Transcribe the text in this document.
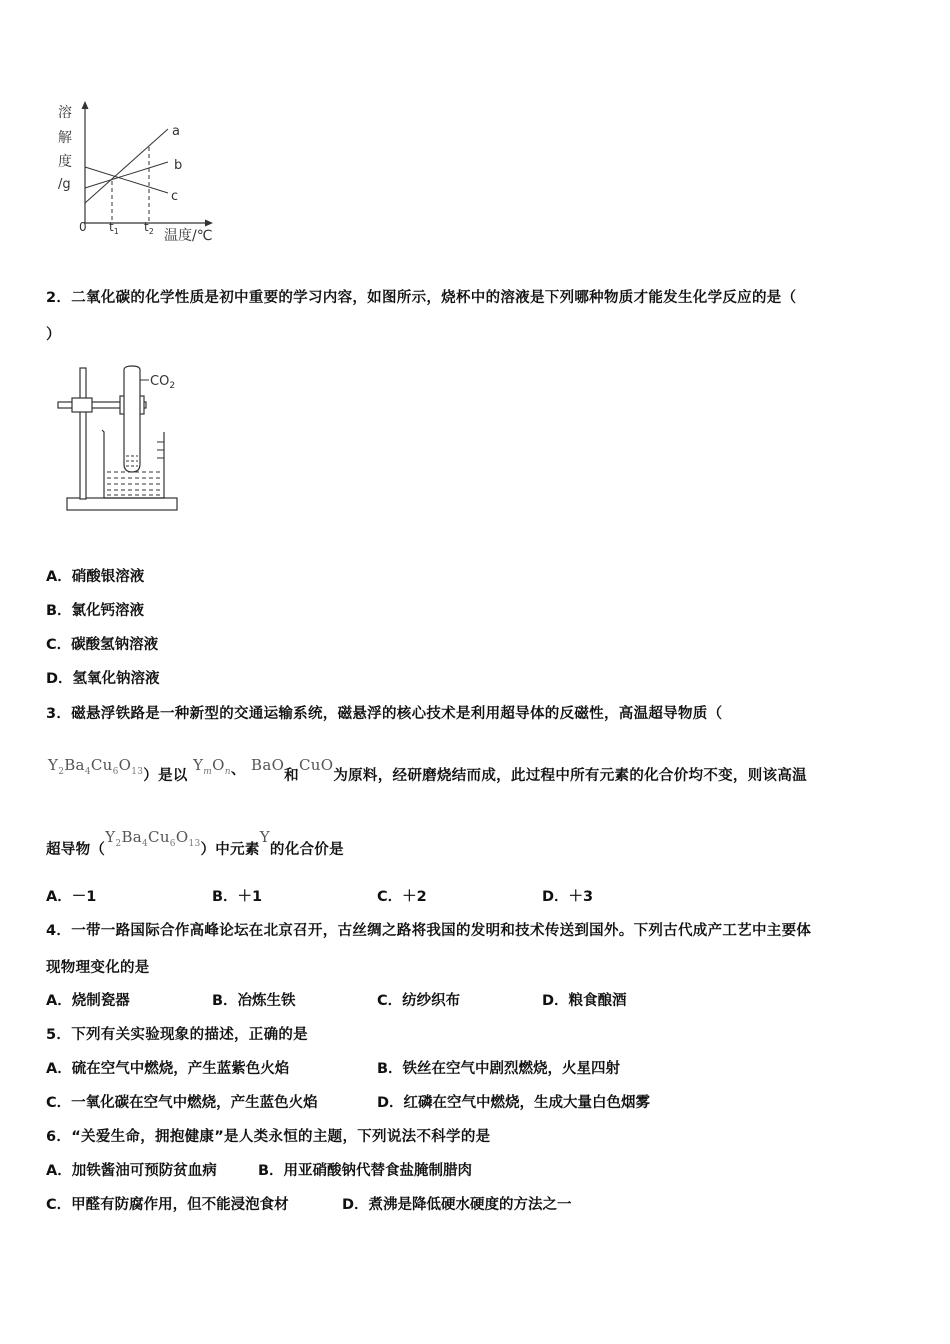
溶
解
度
/g
a
b
c
0 $t_1$ $t_2$ 温度/℃
2．二氧化碳的化学性质是初中重要的学习内容，如图所示，烧杯中的溶液是下列哪种物质才能发生化学反应的是（
）
$CO_2$
A．硝酸银溶液
B．氯化钙溶液
C．碳酸氢钠溶液
D．氢氧化钠溶液
3．磁悬浮铁路是一种新型的交通运输系统，磁悬浮的核心技术是利用超导体的反磁性，高温超导物质（
$Y_2Ba_4Cu_6O_{13}$）是以 $Y_mO_n$、 BaO和CuO为原料，经研磨烧结而成，此过程中所有元素的化合价均不变，则该高温
超导物$(Y_2Ba_4Cu_6O_{13})$中元素Y的化合价是
A．－1	B．＋1	C．＋2	D．＋3
4．一带一路国际合作高峰论坛在北京召开，古丝绸之路将我国的发明和技术传送到国外。下列古代成产工艺中主要体
现物理变化的是
A．烧制瓷器	B．冶炼生铁	C．纺纱织布	D．粮食酿酒
5．下列有关实验现象的描述，正确的是
A．硫在空气中燃烧，产生蓝紫色火焰	B．铁丝在空气中剧烈燃烧，火星四射
C．一氧化碳在空气中燃烧，产生蓝色火焰	D．红磷在空气中燃烧，生成大量白色烟雾
6．“关爱生命，拥抱健康”是人类永恒的主题，下列说法不科学的是
A．加铁酱油可预防贫血病	B．用亚硝酸钠代替食盐腌制腊肉
C．甲醛有防腐作用，但不能浸泡食材	D．煮沸是降低硬水硬度的方法之一
